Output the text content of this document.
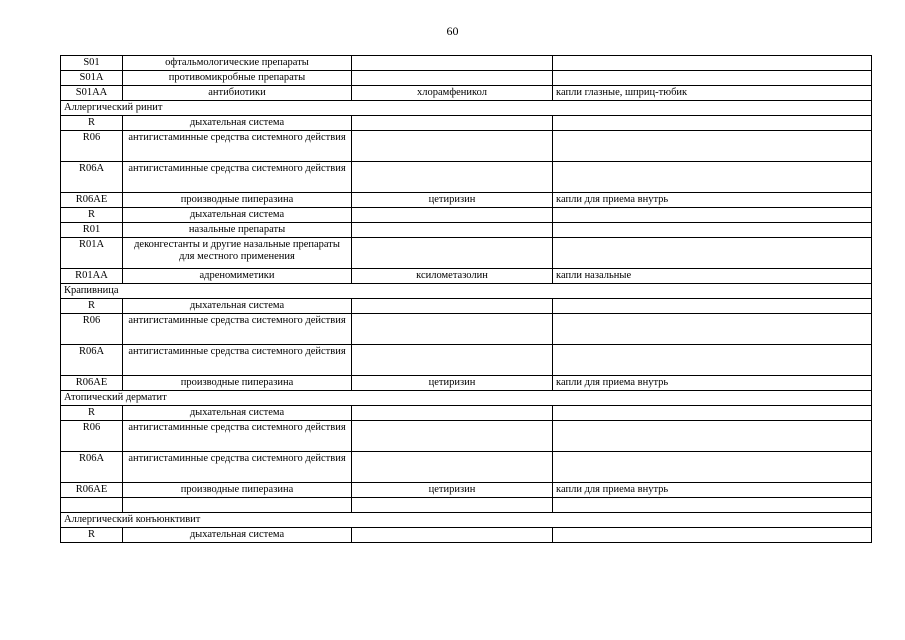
60
S01	офтальмологические препараты		
S01A	противомикробные препараты		
S01AA	антибиотики	хлорамфеникол	капли глазные, шприц-тюбик
Аллергический ринит			
R	дыхательная система		
R06	антигистаминные средства системного действия		
R06A	антигистаминные средства системного действия		
R06AE	производные пиперазина	цетиризин	капли для приема внутрь
R	дыхательная система		
R01	назальные препараты		
R01A	деконгестанты и другие назальные препараты для местного применения		
R01AA	адреномиметики	ксилометазолин	капли назальные
Крапивница			
R	дыхательная система		
R06	антигистаминные средства системного действия		
R06A	антигистаминные средства системного действия		
R06AE	производные пиперазина	цетиризин	капли для приема внутрь
Атопический дерматит			
R	дыхательная система		
R06	антигистаминные средства системного действия		
R06A	антигистаминные средства системного действия		
R06AE	производные пиперазина	цетиризин	капли для приема внутрь

Аллергический конъюнктивит			
R	дыхательная система		
